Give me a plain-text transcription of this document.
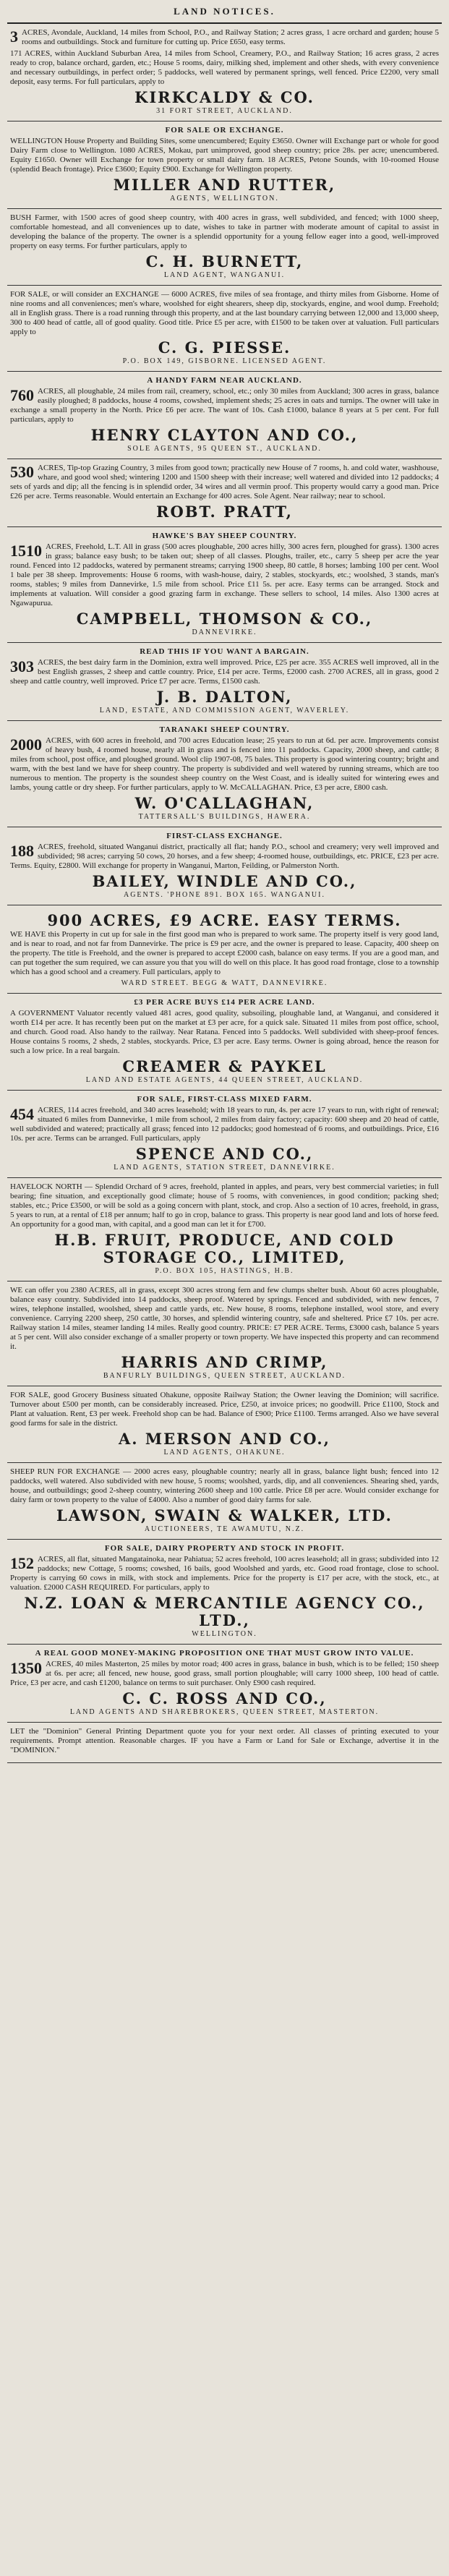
LAND NOTICES.

3 ACRES, Avondale, Auckland, 14 miles from School, P.O., and Railway Station; 2 acres grass, 1 acre orchard and garden; house 5 rooms and outbuildings. Stock and furniture for cutting up. Price £650, easy terms.

171 ACRES, within Auckland Suburban Area, 14 miles from School, Creamery, P.O., and Railway Station; 16 acres grass, 2 acres ready to crop, balance orchard, garden, etc.; House 5 rooms, dairy, milking shed, implement and other sheds, with every convenience and necessary outbuildings, in perfect order; 5 paddocks, well watered by permanent springs, well fenced. Price £2200, very small deposit, easy terms. For full particulars, apply to

KIRKCALDY & CO.
31 FORT STREET, AUCKLAND.
FOR SALE OR EXCHANGE.

WELLINGTON House Property and Building Sites, some unencumbered; Equity £3650. Owner will Exchange part or whole for good Dairy Farm close to Wellington. 1080 ACRES, Mokau, part unimproved, good sheep country; price 28s. per acre; unencumbered. Equity £1650. Owner will Exchange for town property or small dairy farm. 18 ACRES, Petone Sounds, with 10-roomed House (splendid Beach frontage). Price £3600; Equity £900. Exchange for Wellington property.

MILLER AND RUTTER,
AGENTS, WELLINGTON.

BUSH Farmer, with 1500 acres of good sheep country, with 400 acres in grass, well subdivided, and fenced; with 1000 sheep, comfortable homestead, and all conveniences up to date, wishes to take in partner with moderate amount of capital to assist in developing the balance of the property. The owner is a splendid opportunity for a young fellow eager into a good, well-improved property on easy terms. For further particulars, apply to

C. H. BURNETT,
LAND AGENT, WANGANUI.

FOR SALE, or will consider an EXCHANGE — 6000 ACRES, five miles of sea frontage, and thirty miles from Gisborne. Home of nine rooms and all conveniences; men's whare, woolshed for eight shearers, sheep dip, stockyards, engine, and wool dump. Freehold; all in English grass. There is a road running through this property, and at the last boundary carrying between 12,000 and 13,000 sheep, 300 to 400 head of cattle, all of good quality. Good title. Price £5 per acre, with £1500 to be taken over at valuation. Full particulars apply to

C. G. PIESSE.
P.O. BOX 149, GISBORNE. LICENSED AGENT.
A HANDY FARM NEAR AUCKLAND.

760 ACRES, all ploughable, 24 miles from rail, creamery, school, etc.; only 30 miles from Auckland; 300 acres in grass, balance easily ploughed; 8 paddocks, house 4 rooms, cowshed, implement sheds; 25 acres in oats and turnips. The owner will take in exchange a small property in the North. Price £6 per acre. The want of 10s. Cash £1000, balance 8 years at 5 per cent. For full particulars, apply to

HENRY CLAYTON AND CO.,
SOLE AGENTS, 95 QUEEN ST., AUCKLAND.

530 ACRES, Tip-top Grazing Country, 3 miles from good town; practically new House of 7 rooms, h. and cold water, washhouse, whare, and good wool shed; wintering 1200 and 1500 sheep with their increase; well watered and divided into 12 paddocks; 4 sets of yards and dip; all the fencing is in splendid order, 34 wires and all vermin proof. This property would carry a good man. Price £26 per acre. Terms reasonable. Would entertain an Exchange for 400 acres. Sole Agent. Near railway; near to school.

ROBT. PRATT,
HAWKE'S BAY SHEEP COUNTRY.

1510 ACRES, Freehold, L.T. All in grass (500 acres ploughable, 200 acres hilly, 300 acres fern, ploughed for grass). 1300 acres in grass; balance easy bush; to be taken out; sheep of all classes. Ploughs, trailer, etc., carry 5 sheep per acre the year round. Fenced into 12 paddocks, watered by permanent streams; carrying 1900 sheep, 80 cattle, 8 horses; lambing 100 per cent. Wool 1 bale per 38 sheep. Improvements: House 6 rooms, with wash-house, dairy, 2 stables, stockyards, etc.; woolshed, 3 stands, man's rooms, stables; 9 miles from Dannevirke, 1.5 mile from school. Price £11 5s. per acre. Easy terms can be arranged. Stock and implements at valuation. Will consider a good grazing farm in exchange. These sellers to school, 14 miles. Also 1300 acres at Ngawapurua.

CAMPBELL, THOMSON & CO.,
DANNEVIRKE.
READ THIS IF YOU WANT A BARGAIN.

303 ACRES, the best dairy farm in the Dominion, extra well improved. Price, £25 per acre. 355 ACRES well improved, all in the best English grasses, 2 sheep and cattle country. Price, £14 per acre. Terms, £2000 cash. 2700 ACRES, all in grass, good 2 sheep and cattle country, well improved. Price £7 per acre. Terms, £1500 cash.

J. B. DALTON,
LAND, ESTATE, AND COMMISSION AGENT, WAVERLEY.
TARANAKI SHEEP COUNTRY.

2000 ACRES, with 600 acres in freehold, and 700 acres Education lease; 25 years to run at 6d. per acre. Improvements consist of heavy bush, 4 roomed house, nearly all in grass and is fenced into 11 paddocks. Capacity, 2000 sheep, and cattle; 8 miles from school, post office, and ploughed ground. Wool clip 1907-08, 75 bales. This property is good wintering country; bright and warm, with the best land we have for sheep country. The property is subdivided and well watered by running streams, which are too numerous to mention. The property is the soundest sheep country on the West Coast, and is ideally suited for wintering ewes and lambs, young cattle or dry sheep. For further particulars, apply to W. McCALLAGHAN. Price, £3 per acre, £800 cash.

W. O'CALLAGHAN,
TATTERSALL'S BUILDINGS, HAWERA.
FIRST-CLASS EXCHANGE.

188 ACRES, freehold, situated Wanganui district, practically all flat; handy P.O., school and creamery; very well improved and subdivided; 98 acres; carrying 50 cows, 20 horses, and a few sheep; 4-roomed house, outbuildings, etc. PRICE, £23 per acre. Terms. Equity, £2800. Will exchange for property in Wanganui, Marton, Feilding, or Palmerston North.

BAILEY, WINDLE AND CO.,
AGENTS. 'PHONE 891. BOX 165. WANGANUI.
900 ACRES, £9 ACRE. EASY TERMS.

WE HAVE this Property in cut up for sale in the first good man who is prepared to work same. The property itself is very good land, and is near to road, and not far from Dannevirke. The price is £9 per acre, and the owner is prepared to lease. Capacity, 400 sheep on the property. The title is Freehold, and the owner is prepared to accept £2000 cash, balance on easy terms. If you are a good man, and can put together the sum required, we can assure you that you will do well on this place. It has good road frontage, close to a township which has a good school and a creamery. Full particulars, apply to

WARD STREET. BEGG & WATT, DANNEVIRKE.
£3 PER ACRE BUYS £14 PER ACRE LAND.

A GOVERNMENT Valuator recently valued 481 acres, good quality, subsoiling, ploughable land, at Wanganui, and considered it worth £14 per acre. It has recently been put on the market at £3 per acre, for a quick sale. Situated 11 miles from post office, school, and church. Good road. Also handy to the railway. Near Ratana. Fenced into 5 paddocks. Well subdivided with sheep-proof fences. House contains 5 rooms, 2 sheds, 2 stables, stockyards. Price, £3 per acre. Easy terms. Owner is going abroad, hence the reason for such a low price. In a real bargain.

CREAMER & PAYKEL
LAND AND ESTATE AGENTS, 44 QUEEN STREET, AUCKLAND.
FOR SALE, FIRST-CLASS MIXED FARM.

454 ACRES, 114 acres freehold, and 340 acres leasehold; with 18 years to run, 4s. per acre 17 years to run, with right of renewal; situated 6 miles from Dannevirke, 1 mile from school, 2 miles from dairy factory; capacity: 600 sheep and 20 head of cattle, well subdivided and watered; practically all grass; fenced into 12 paddocks; good homestead of 6 rooms, and outbuildings. Price, £16 10s. per acre. Terms can be arranged. Full particulars, apply

SPENCE AND CO.,
LAND AGENTS, STATION STREET, DANNEVIRKE.

HAVELOCK NORTH — Splendid Orchard of 9 acres, freehold, planted in apples, and pears, very best commercial varieties; in full bearing; fine situation, and exceptionally good climate; house of 5 rooms, with conveniences, in good condition; packing shed; stables, etc.; Price £3500, or will be sold as a going concern with plant, stock, and crop. Also a section of 10 acres, freehold, in grass, 5 years to run, at a rental of £18 per annum; half to go in crop, balance to grass. This property is near good land and lots of horse feed. An opportunity for a good man, with capital, and a good man can let it for £700.

H.B. FRUIT, PRODUCE, AND COLD STORAGE CO., LIMITED,
P.O. BOX 105, HASTINGS, H.B.

WE can offer you 2380 ACRES, all in grass, except 300 acres strong fern and few clumps shelter bush. About 60 acres ploughable, balance easy country. Subdivided into 14 paddocks, sheep proof. Watered by springs. Fenced and subdivided, with new fences, 7 wires, telephone installed, woolshed, sheep and cattle yards, etc. New house, 8 rooms, telephone installed, wool store, and every convenience. Carrying 2200 sheep, 250 cattle, 30 horses, and splendid wintering country, safe and sheltered. Price £7 10s. per acre. Railway station 14 miles, steamer landing 14 miles. Really good country. PRICE: £7 PER ACRE. Terms, £3000 cash, balance 5 years at 5 per cent. Will also consider exchange of a smaller property or town property. We have inspected this property and can recommend it.

HARRIS AND CRIMP,
BANFURLY BUILDINGS, QUEEN STREET, AUCKLAND.

FOR SALE, good Grocery Business situated Ohakune, opposite Railway Station; the Owner leaving the Dominion; will sacrifice. Turnover about £500 per month, can be considerably increased. Price, £250, at invoice prices; no goodwill. Price £1100, Stock and Plant at valuation. Rent, £3 per week. Freehold shop can be had. Balance of £900; Price £1100. Terms arranged. Also we have several good farms for sale in the district.

A. MERSON AND CO.,
LAND AGENTS, OHAKUNE.

SHEEP RUN FOR EXCHANGE — 2000 acres easy, ploughable country; nearly all in grass, balance light bush; fenced into 12 paddocks, well watered. Also subdivided with new house, 5 rooms; woolshed, yards, dip, and all conveniences. Shearing shed, yards, house, and outbuildings; good 2-sheep country, wintering 2600 sheep and 100 cattle. Price £8 per acre. Would consider exchange for dairy farm or town property to the value of £4000. Also a number of good dairy farms for sale.

LAWSON, SWAIN & WALKER, LTD.
AUCTIONEERS, TE AWAMUTU, N.Z.
FOR SALE, DAIRY PROPERTY AND STOCK IN PROFIT.

152 ACRES, all flat, situated Mangatainoka, near Pahiatua; 52 acres freehold, 100 acres leasehold; all in grass; subdivided into 12 paddocks; new Cottage, 5 rooms; cowshed, 16 bails, good Woolshed and yards, etc. Good road frontage, close to school. Property is carrying 60 cows in milk, with stock and implements. Price for the property is £17 per acre, with the stock, etc., at valuation. £2000 CASH REQUIRED. For particulars, apply to

N.Z. LOAN & MERCANTILE AGENCY CO., LTD.,
WELLINGTON.
A REAL GOOD MONEY-MAKING PROPOSITION ONE THAT MUST GROW INTO VALUE.

1350 ACRES, 40 miles Masterton, 25 miles by motor road; 400 acres in grass, balance in bush, which is to be felled; 150 sheep at 6s. per acre; all fenced, new house, good grass, small portion ploughable; will carry 1000 sheep, 100 head of cattle. Price, £3 per acre, and cash £1200, balance on terms to suit purchaser. Only £900 cash required.

C. C. ROSS AND CO.,
LAND AGENTS AND SHAREBROKERS, QUEEN STREET, MASTERTON.

LET the "Dominion" General Printing Department quote you for your next order. All classes of printing executed to your requirements. Prompt attention. Reasonable charges. IF you have a Farm or Land for Sale or Exchange, advertise it in the "DOMINION."
